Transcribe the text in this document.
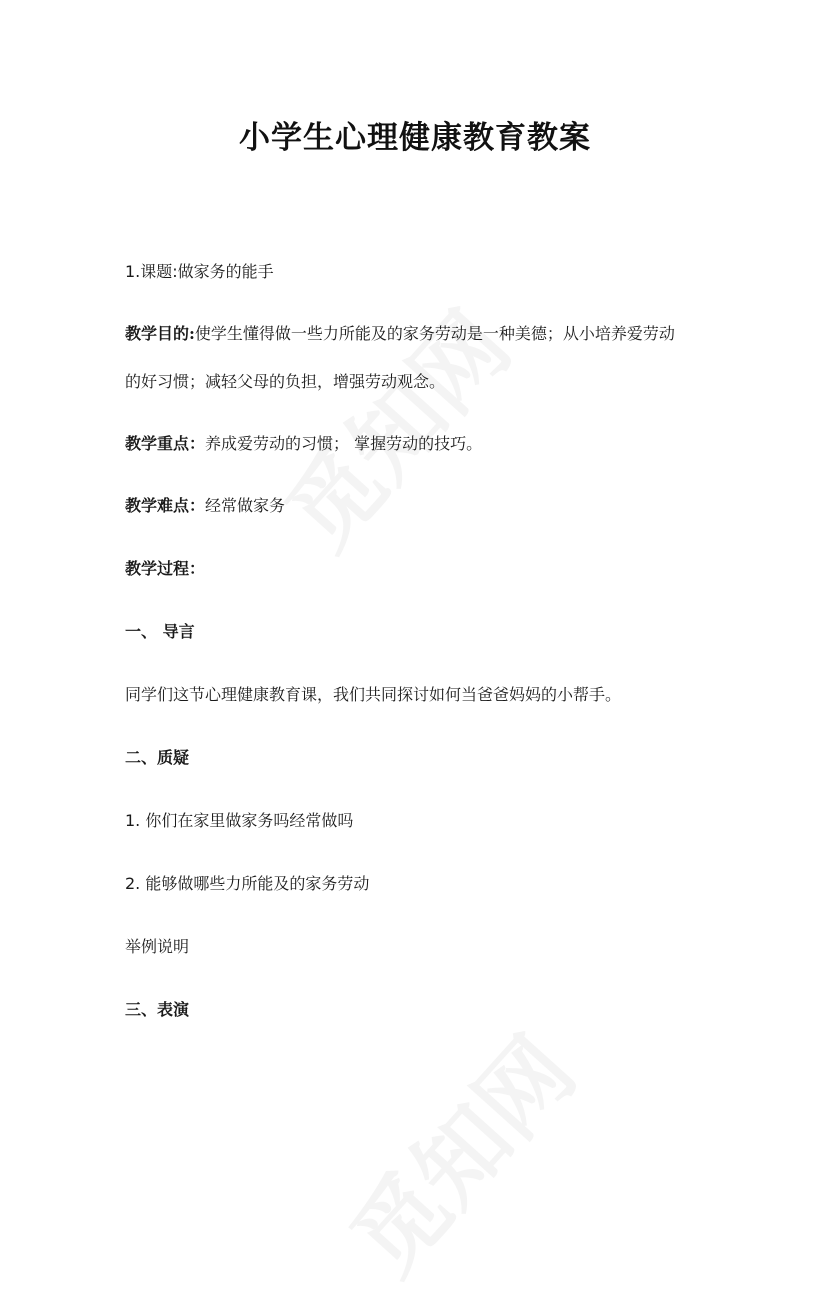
小学生心理健康教育教案
1.课题:做家务的能手
教学目的:使学生懂得做一些力所能及的家务劳动是一种美德；从小培养爱劳动
的好习惯；减轻父母的负担，增强劳动观念。
教学重点：养成爱劳动的习惯； 掌握劳动的技巧。
教学难点：经常做家务
教学过程：
一、 导言
同学们这节心理健康教育课，我们共同探讨如何当爸爸妈妈的小帮手。
二、质疑
1. 你们在家里做家务吗经常做吗
2. 能够做哪些力所能及的家务劳动
举例说明
三、表演
